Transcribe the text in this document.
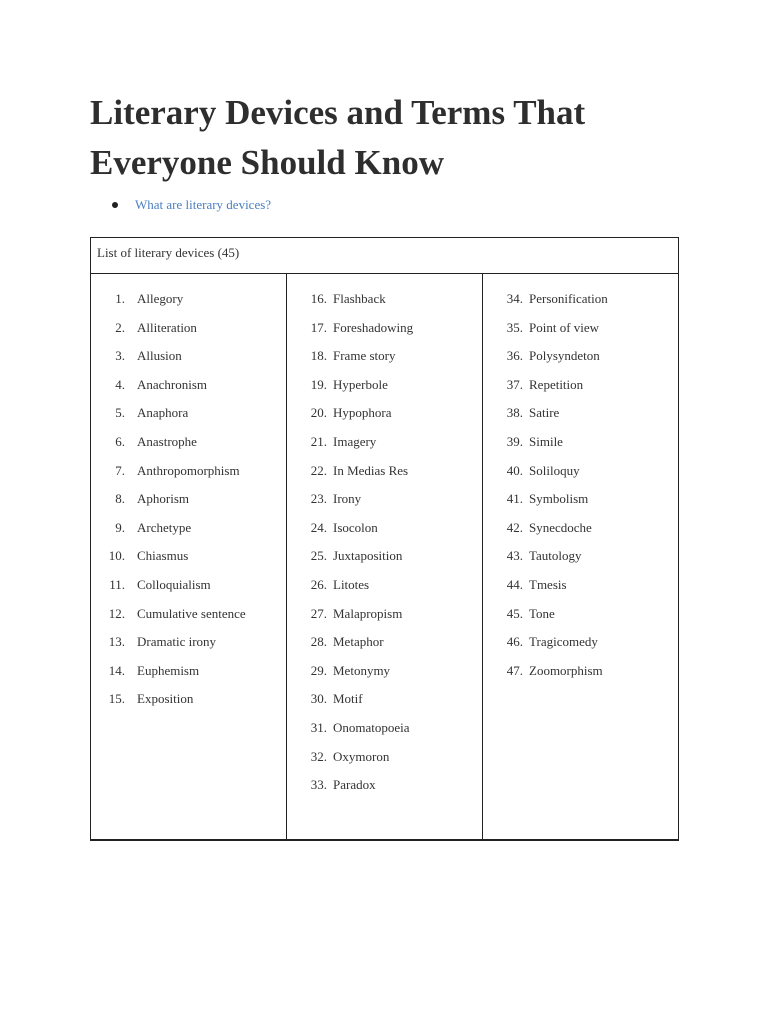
Literary Devices and Terms That Everyone Should Know
What are literary devices?
List of literary devices (45)
1. Allegory
2. Alliteration
3. Allusion
4. Anachronism
5. Anaphora
6. Anastrophe
7. Anthropomorphism
8. Aphorism
9. Archetype
10. Chiasmus
11. Colloquialism
12. Cumulative sentence
13. Dramatic irony
14. Euphemism
15. Exposition
16. Flashback
17. Foreshadowing
18. Frame story
19. Hyperbole
20. Hypophora
21. Imagery
22. In Medias Res
23. Irony
24. Isocolon
25. Juxtaposition
26. Litotes
27. Malapropism
28. Metaphor
29. Metonymy
30. Motif
31. Onomatopoeia
32. Oxymoron
33. Paradox
34. Personification
35. Point of view
36. Polysyndeton
37. Repetition
38. Satire
39. Simile
40. Soliloquy
41. Symbolism
42. Synecdoche
43. Tautology
44. Tmesis
45. Tone
46. Tragicomedy
47. Zoomorphism
